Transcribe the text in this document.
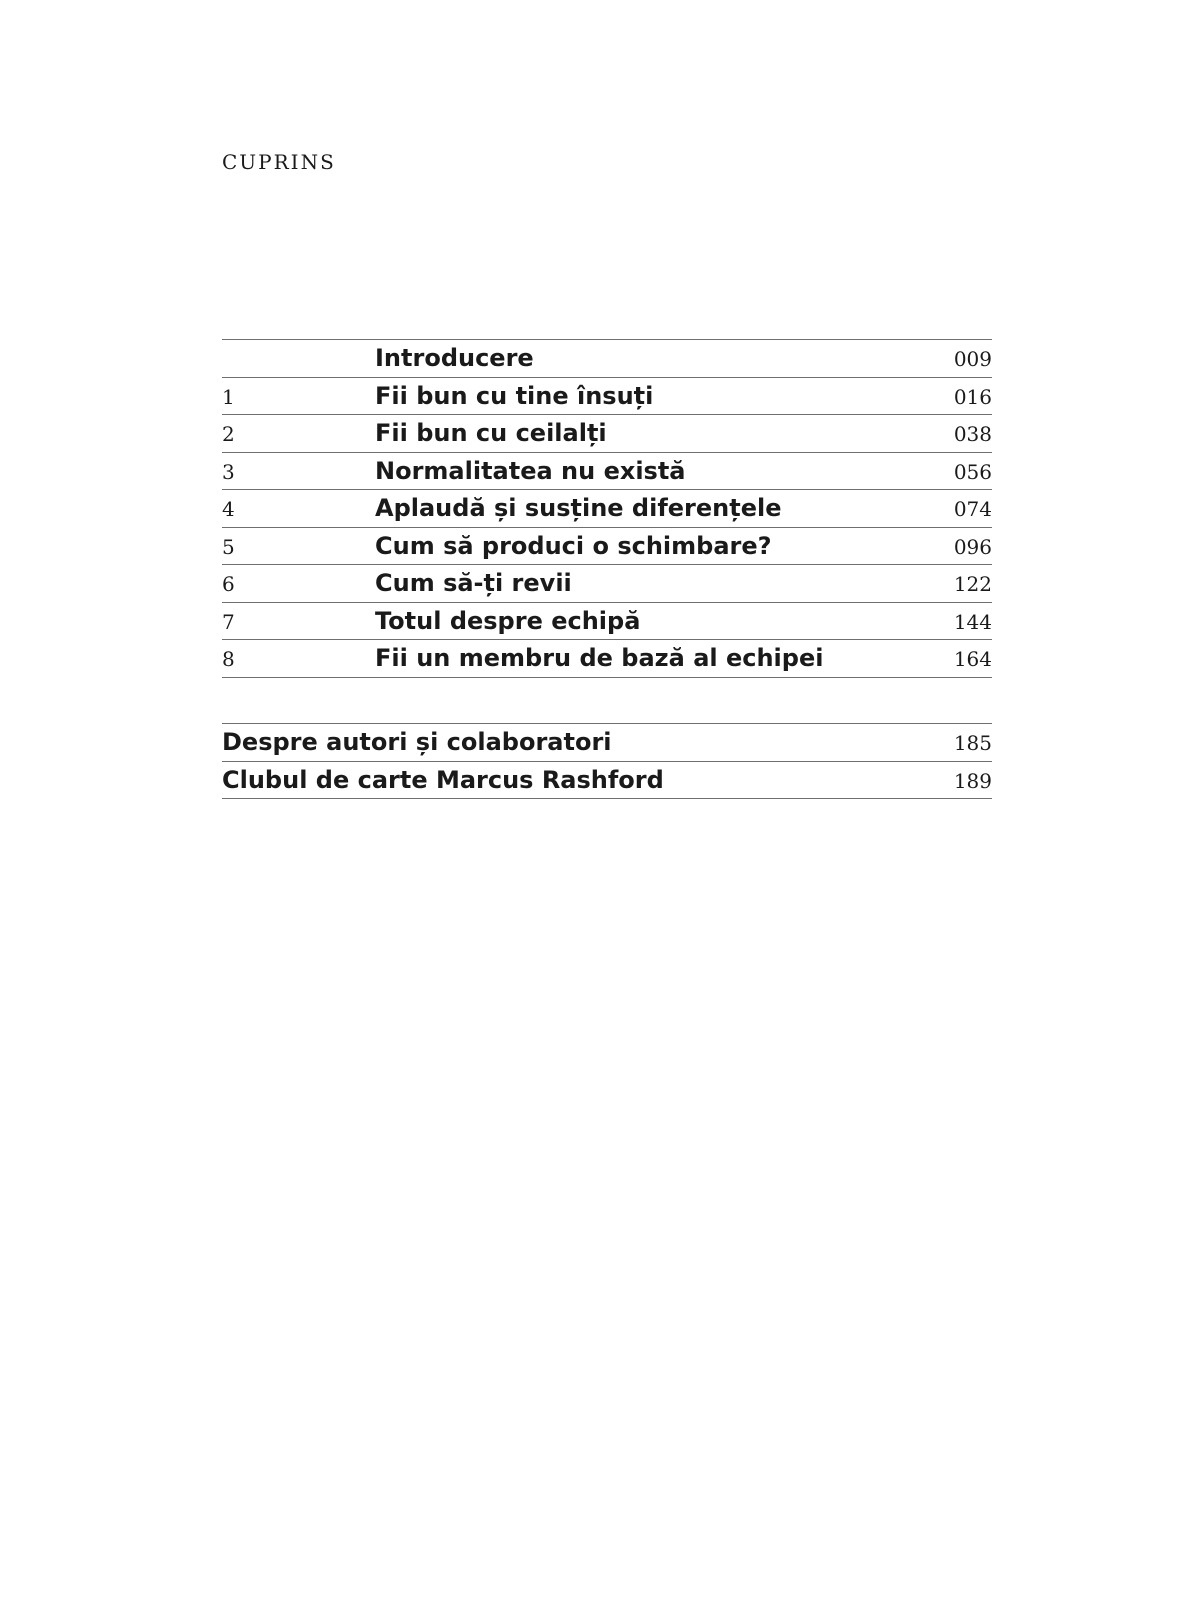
CUPRINS
Introducere	009
1	Fii bun cu tine însuți	016
2	Fii bun cu ceilalți	038
3	Normalitatea nu există	056
4	Aplaudă și susține diferențele	074
5	Cum să produci o schimbare?	096
6	Cum să-ți revii	122
7	Totul despre echipă	144
8	Fii un membru de bază al echipei	164
Despre autori și colaboratori	185
Clubul de carte Marcus Rashford	189
